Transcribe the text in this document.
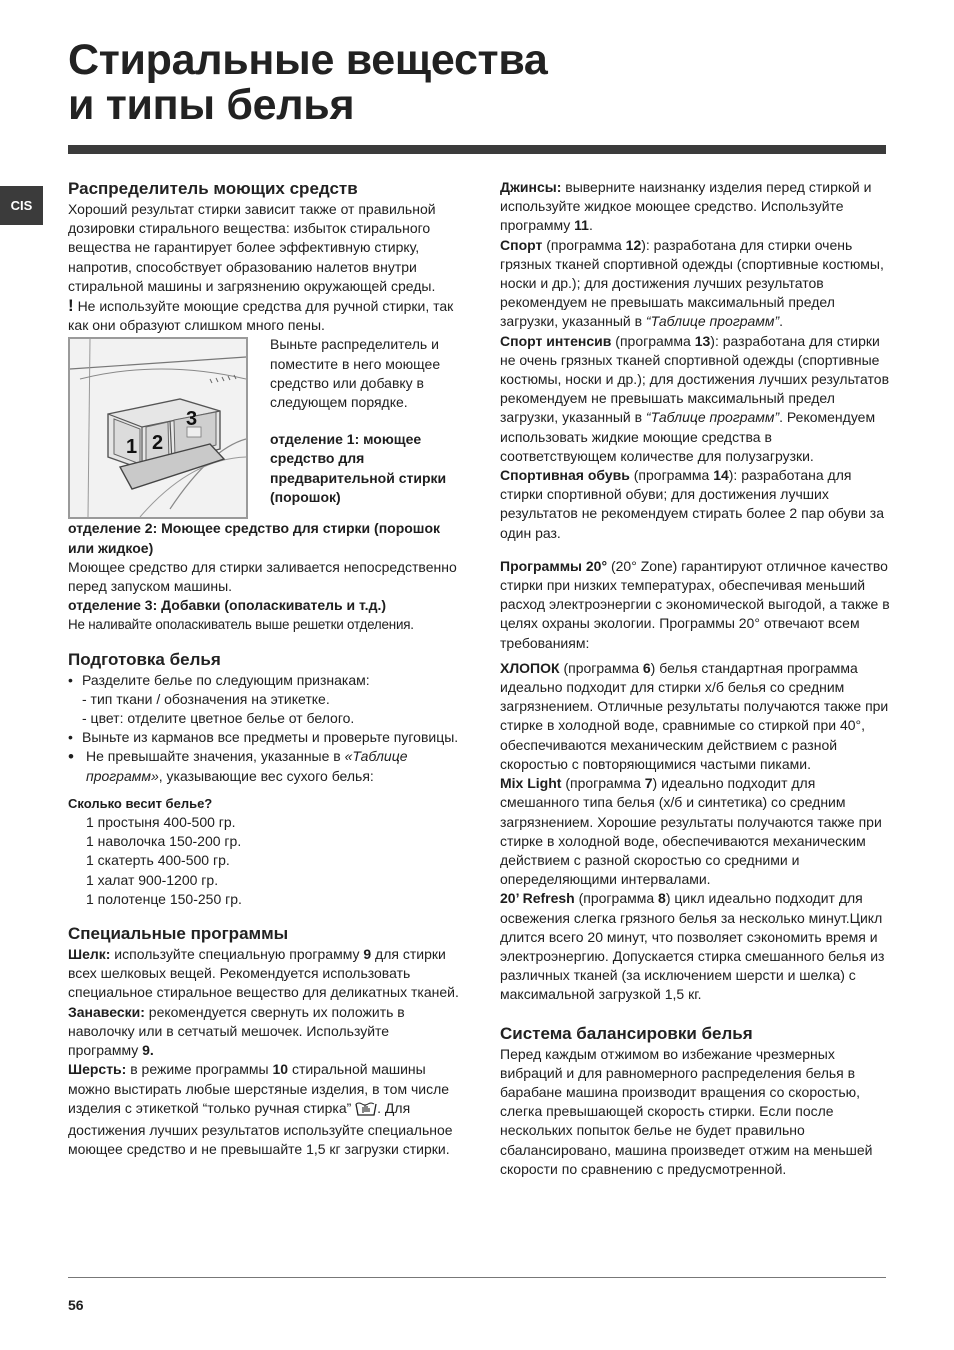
Стиральные вещества
и типы белья
CIS
Распределитель моющих средств

Хороший результат стирки зависит также от правильной дозировки стирального вещества: избыток стирального вещества не гарантирует более эффективную стирку, напротив, способствует образованию налетов внутри стиральной машины и загрязнению окружающей среды.

! Не используйте моющие средства для ручной стирки, так как они образуют слишком много пены.

1 2
3

Выньте распределитель и поместите в него моющее средство или добавку в следующем порядке.

отделение 1: моющее средство для предварительной стирки (порошок)

отделение 2: Моющее средство для стирки (порошок или жидкое)

Моющее средство для стирки заливается непосредственно перед запуском машины.

отделение 3: Добавки (ополаскиватель и т.д.)

Не наливайте ополаскиватель выше решетки отделения.

Подготовка белья
• Разделите белье по следующим признакам:
- тип ткани / обозначения на этикетке.
- цвет: отделите цветное белье от белого.
• Выньте из карманов все предметы и проверьте пуговицы.
• Не превышайте значения, указанные в «Таблице программ», указывающие вес сухого белья:
Сколько весит белье?
1 простыня 400-500 гр.
1 наволочка 150-200 гр.
1 скатерть 400-500 гр.
1 халат 900-1200 гр.
1 полотенце 150-250 гр.
Специальные программы

Шелк: используйте специальную программу 9 для стирки всех шелковых вещей. Рекомендуется использовать специальное стиральное вещество для деликатных тканей.

Занавески: рекомендуется свернуть их положить в наволочку или в сетчатый мешочек. Используйте программу 9.

Шерсть: в режиме программы 10 стиральной машины можно выстирать любые шерстяные изделия, в том числе изделия с этикеткой “только ручная стирка” . Для достижения лучших результатов используйте специальное моющее средство и не превышайте 1,5 кг загрузки стирки.

Джинсы: выверните наизнанку изделия перед стиркой и используйте жидкое моющее средство. Используйте программу 11.

Спорт (программа 12): разработана для стирки очень грязных тканей спортивной одежды (спортивные костюмы, носки и др.); для достижения лучших результатов рекомендуем не превышать максимальный предел загрузки, указанный в “Таблице программ”.

Спорт интенсив (программа 13): разработана для стирки не очень грязных тканей спортивной одежды (спортивные костюмы, носки и др.); для достижения лучших результатов рекомендуем не превышать максимальный предел загрузки, указанный в “Таблице программ”. Рекомендуем использовать жидкие моющие средства в соответствующем количестве для полузагрузки.

Спортивная обувь (программа 14): разработана для стирки спортивной обуви; для достижения лучших результатов не рекомендуем стирать более 2 пар обуви за один раз.

Программы 20° (20° Zone) гарантируют отличное качество стирки при низких температурах, обеспечивая меньший расход электроэнергии с экономической выгодой, а также в целях охраны экологии. Программы 20° отвечают всем требованиям:

ХЛОПОК (программа 6) белья стандартная программа идеально подходит для стирки х/б белья со средним загрязнением. Отличные результаты получаются также при стирке в холодной воде, сравнимые со стиркой при 40°, обеспечиваются механическим действием с разной скоростью с повторяющимися частыми пиками.

Mix Light (программа 7) идеально подходит для смешанного типа белья (х/б и синтетика) со средним загрязнением. Хорошие результаты получаются также при стирке в холодной воде, обеспечиваются механическим действием с разной скоростью со средними и опеределяющими интервалами.

20’ Refresh (программа 8) цикл идеально подходит для освежения слегка грязного белья за несколько минут.Цикл длится всего 20 минут, что позволяет сэкономить время и электроэнергию. Допускается стирка смешанного белья из различных тканей (за исключением шерсти и шелка) с максимальной загрузкой 1,5 кг.

Система балансировки белья

Перед каждым отжимом во избежание чрезмерных вибраций и для равномерного распределения белья в барабане машина производит вращения со скоростью, слегка превышающей скорость стирки. Если после нескольких попыток белье не будет правильно сбалансировано, машина произведет отжим на меньшей скорости по сравнению с предусмотренной.

56
